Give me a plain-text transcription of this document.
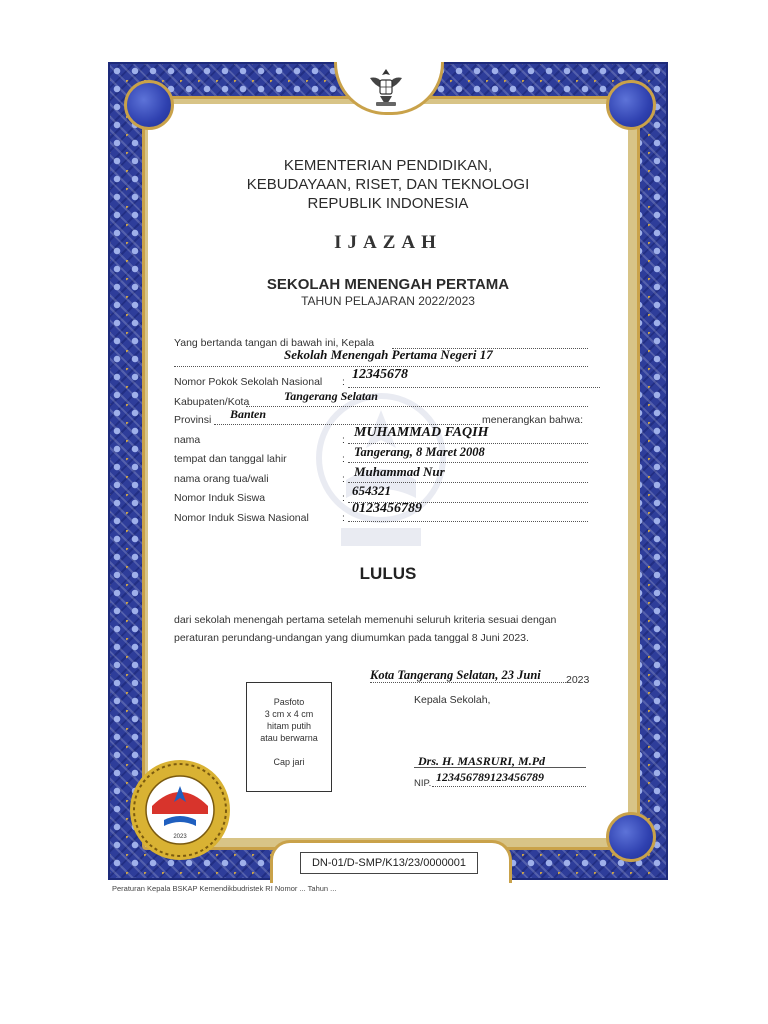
KEMENTERIAN PENDIDIKAN,
KEBUDAYAAN, RISET, DAN TEKNOLOGI
REPUBLIK INDONESIA
IJAZAH
SEKOLAH MENENGAH PERTAMA
TAHUN PELAJARAN 2022/2023
Yang bertanda tangan di bawah ini, Kepala
Sekolah Menengah Pertama Negeri 17
Nomor Pokok Sekolah Nasional : 12345678
Kabupaten/Kota	Tangerang Selatan
Provinsi Banten	menerangkan bahwa:
nama	: MUHAMMAD FAQIH
tempat dan tanggal lahir	: Tangerang, 8 Maret 2008
nama orang tua/wali	: Muhammad Nur
Nomor Induk Siswa	: 654321
Nomor Induk Siswa Nasional	:
0123456789
LULUS
dari sekolah menengah pertama setelah memenuhi seluruh kriteria sesuai dengan
peraturan perundang-undangan yang diumumkan pada tanggal 8 Juni 2023.
Kota Tangerang Selatan, 23 Juni 2023
Kepala Sekolah,
Drs. H. MASRURI, M.Pd
NIP. 123456789123456789
Pasfoto
3 cm x 4 cm
hitam putih
atau berwarna
Cap jari
2023
DN-01/D-SMP/K13/23/0000001
Peraturan Kepala BSKAP Kemendikbudristek RI Nomor ... Tahun ...
